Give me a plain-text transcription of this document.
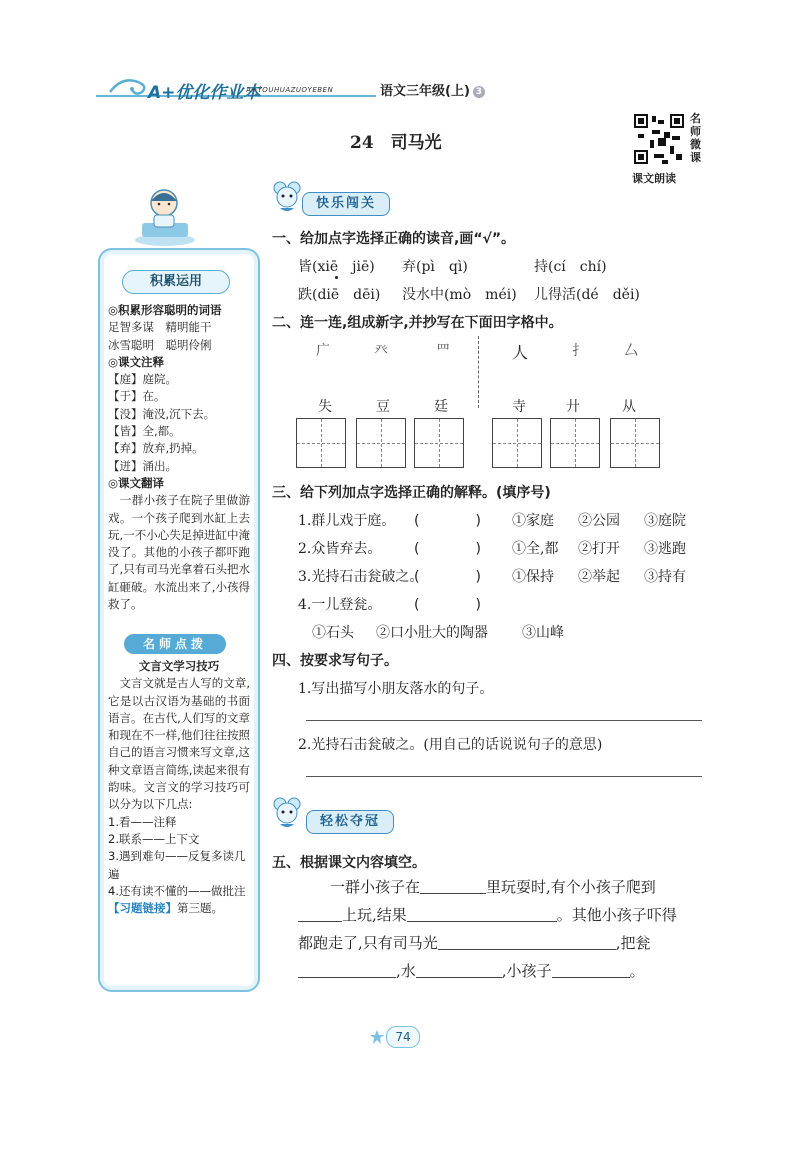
A+优化作业本
A+YOUHUAZUOYEBEN	语文三年级(上) 3
24　司马光
名师微课
课文朗读
积累运用
◎积累形容聪明的词语
足智多谋　精明能干
冰雪聪明　聪明伶俐
◎课文注释
【庭】庭院。
【于】在。
【没】淹没,沉下去。
【皆】全,都。
【弃】放弃,扔掉。
【迸】涌出。
◎课文翻译
　一群小孩子在院子里做游戏。一个孩子爬到水缸上去玩,一不小心失足掉进缸中淹没了。其他的小孩子都吓跑了,只有司马光拿着石头把水缸砸破。水流出来了,小孩得救了。
名师点拨
文言文学习技巧
　文言文就是古人写的文章,它是以古汉语为基础的书面语言。在古代,人们写的文章和现在不一样,他们往往按照自己的语言习惯来写文章,这种文章语言简练,读起来很有韵味。文言文的学习技巧可以分为以下几点:
1.看——注释
2.联系——上下文
3.遇到难句——反复多读几遍
4.还有读不懂的——做批注
【习题链接】第三题。
快乐闯关
一、给加点字选择正确的读音,画“√”。
皆(xiē　jiē) 弃(pì　qì)	持(cí　chí)
跌(diē　dēi) 没水中(mò　méi) 儿得活(dé　děi)
二、连一连,组成新字,并抄写在下面田字格中。
广	癶	罒	人	扌	厶
失	豆	廷	寺	廾	从
三、给下列加点字选择正确的解释。(填序号)
1.群儿戏于庭。 (　　　　) ①家庭 ②公园 ③庭院
2.众皆弃去。 (　　　　) ①全,都 ②打开 ③逃跑
3.光持石击瓮破之。
(　　　　) ①保持 ②举起 ③持有
4.一儿登瓮。 (　　　　)
①石头 ②口小肚大的陶器 ③山峰
四、按要求写句子。
1.写出描写小朋友落水的句子。
2.光持石击瓮破之。(用自己的话说说句子的意思)
轻松夺冠
五、根据课文内容填空。
一群小孩子在	里玩耍时,有个小孩子爬到
上玩,结果	。其他小孩子吓得
都跑走了,只有司马光	,把瓮
,水	,小孩子	。
74
